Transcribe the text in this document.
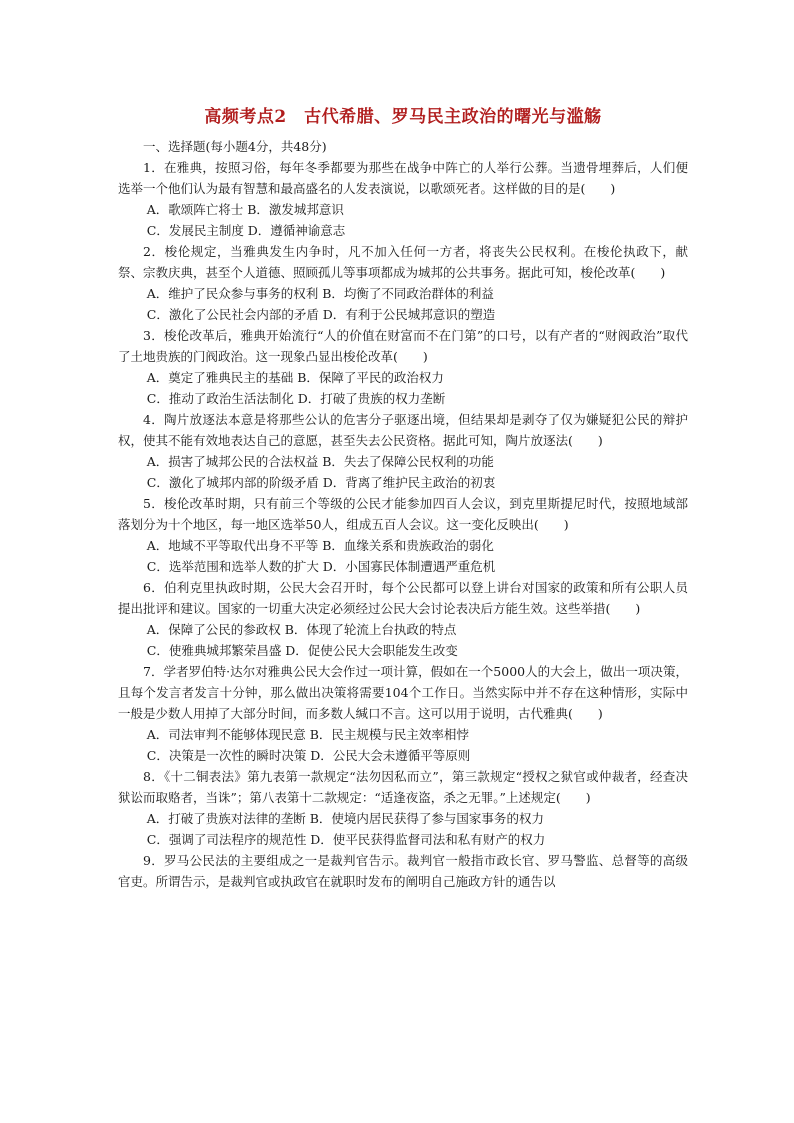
高频考点2　古代希腊、罗马民主政治的曙光与滥觞

一、选择题(每小题4分，共48分)

1．在雅典，按照习俗，每年冬季都要为那些在战争中阵亡的人举行公葬。当遗骨埋葬后，人们便选举一个他们认为最有智慧和最高盛名的人发表演说，以歌颂死者。这样做的目的是(　　)

A．歌颂阵亡将士 B．激发城邦意识

C．发展民主制度 D．遵循神谕意志

2．梭伦规定，当雅典发生内争时，凡不加入任何一方者，将丧失公民权利。在梭伦执政下，献祭、宗教庆典，甚至个人道德、照顾孤儿等事项都成为城邦的公共事务。据此可知，梭伦改革(　　)

A．维护了民众参与事务的权利 B．均衡了不同政治群体的利益

C．激化了公民社会内部的矛盾 D．有利于公民城邦意识的塑造

3．梭伦改革后，雅典开始流行“人的价值在财富而不在门第”的口号，以有产者的“财阀政治”取代了土地贵族的门阀政治。这一现象凸显出梭伦改革(　　)

A．奠定了雅典民主的基础 B．保障了平民的政治权力

C．推动了政治生活法制化 D．打破了贵族的权力垄断

4．陶片放逐法本意是将那些公认的危害分子驱逐出境，但结果却是剥夺了仅为嫌疑犯公民的辩护权，使其不能有效地表达自己的意愿，甚至失去公民资格。据此可知，陶片放逐法(　　)

A．损害了城邦公民的合法权益 B．失去了保障公民权利的功能

C．激化了城邦内部的阶级矛盾 D．背离了维护民主政治的初衷

5．梭伦改革时期，只有前三个等级的公民才能参加四百人会议，到克里斯提尼时代，按照地域部落划分为十个地区，每一地区选举50人，组成五百人会议。这一变化反映出(　　)

A．地域不平等取代出身不平等 B．血缘关系和贵族政治的弱化

C．选举范围和选举人数的扩大 D．小国寡民体制遭遇严重危机

6．伯利克里执政时期，公民大会召开时，每个公民都可以登上讲台对国家的政策和所有公职人员提出批评和建议。国家的一切重大决定必须经过公民大会讨论表决后方能生效。这些举措(　　)

A．保障了公民的参政权 B．体现了轮流上台执政的特点

C．使雅典城邦繁荣昌盛 D．促使公民大会职能发生改变

7．学者罗伯特·达尔对雅典公民大会作过一项计算，假如在一个5000人的大会上，做出一项决策，且每个发言者发言十分钟，那么做出决策将需要104个工作日。当然实际中并不存在这种情形，实际中一般是少数人用掉了大部分时间，而多数人缄口不言。这可以用于说明，古代雅典(　　)

A．司法审判不能够体现民意 B．民主规模与民主效率相悖

C．决策是一次性的瞬时决策 D．公民大会未遵循平等原则

8．《十二铜表法》第九表第一款规定“法勿因私而立”，第三款规定“授权之狱官或仲裁者，经查决狱讼而取赂者，当诛”；第八表第十二款规定：“适逢夜盗，杀之无罪。”上述规定(　　)

A．打破了贵族对法律的垄断 B．使境内居民获得了参与国家事务的权力

C．强调了司法程序的规范性 D．使平民获得监督司法和私有财产的权力

9．罗马公民法的主要组成之一是裁判官告示。裁判官一般指市政长官、罗马警监、总督等的高级官吏。所谓告示，是裁判官或执政官在就职时发布的阐明自己施政方针的通告以
